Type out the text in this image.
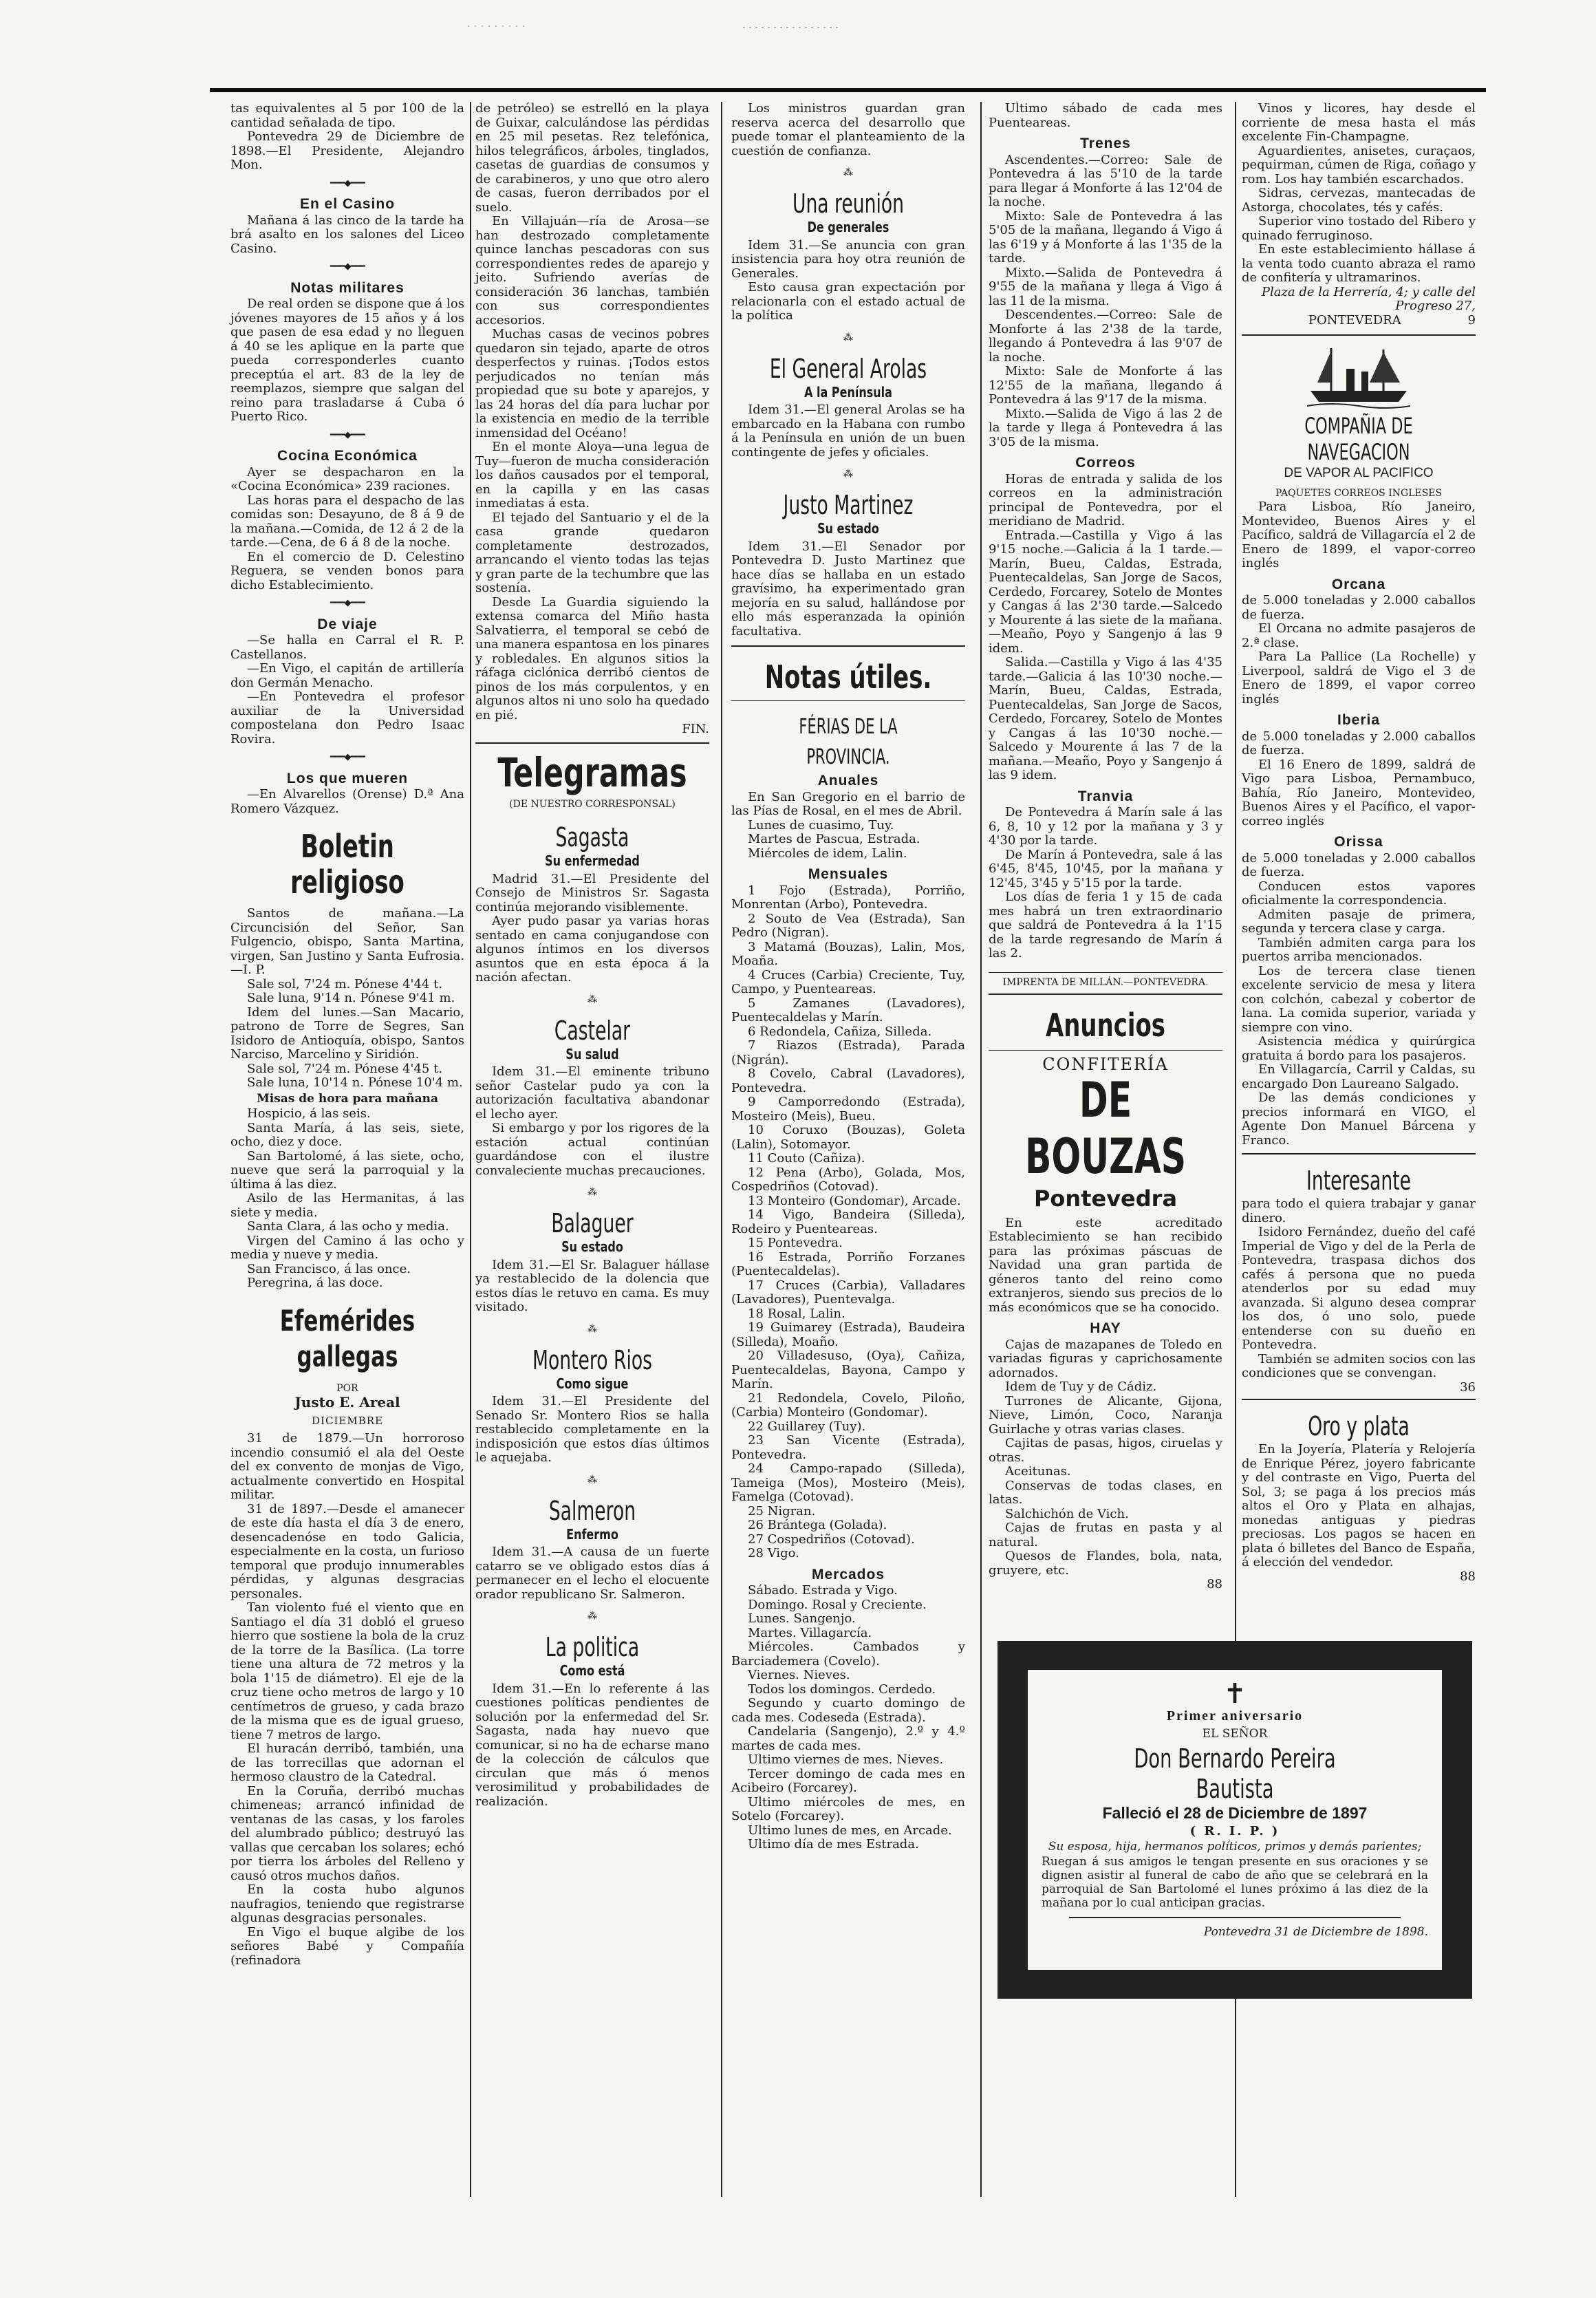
tas equivalentes al 5 por 100 de la cantidad señalada de tipo.

Pontevedra 29 de Diciembre de 1898.—El Presidente, Alejandro Mon.

━━━◆━━━
En el Casino

Mañana á las cinco de la tarde ha brá asalto en los salones del Liceo Casino.

━━━◆━━━
Notas militares

De real orden se dispone que á los jóvenes mayores de 15 años y á los que pasen de esa edad y no lleguen á 40 se les aplique en la parte que pueda corresponderles cuanto preceptúa el art. 83 de la ley de reemplazos, siempre que salgan del reino para trasladarse á Cuba ó Puerto Rico.

━━━◆━━━
Cocina Económica

Ayer se despacharon en la «Cocina Económica» 239 raciones.

Las horas para el despacho de las comidas son: Desayuno, de 8 á 9 de la mañana.—Comida, de 12 á 2 de la tarde.—Cena, de 6 á 8 de la noche.

En el comercio de D. Celestino Reguera, se venden bonos para dicho Establecimiento.

━━━◆━━━
De viaje

—Se halla en Carral el R. P. Castellanos.

—En Vigo, el capitán de artillería don Germán Menacho.

—En Pontevedra el profesor auxiliar de la Universidad compostelana don Pedro Isaac Rovira.

━━━◆━━━
Los que mueren

—En Alvarellos (Orense) D.ª Ana Romero Vázquez.

Boletin religioso

Santos de mañana.—La Circuncisión del Señor, San Fulgencio, obispo, Santa Martina, virgen, San Justino y Santa Eufrosia.—I. P.

Sale sol, 7'24 m. Pónese 4'44 t.

Sale luna, 9'14 n. Pónese 9'41 m.

Idem del lunes.—San Macario, patrono de Torre de Segres, San Isidoro de Antioquía, obispo, Santos Narciso, Marcelino y Siridión.

Sale sol, 7'24 m. Pónese 4'45 t.

Sale luna, 10'14 n. Pónese 10'4 m.

Misas de hora para mañana

Hospicio, á las seis.

Santa María, á las seis, siete, ocho, diez y doce.

San Bartolomé, á las siete, ocho, nueve que será la parroquial y la última á las diez.

Asilo de las Hermanitas, á las siete y media.

Santa Clara, á las ocho y media.

Virgen del Camino á las ocho y media y nueve y media.

San Francisco, á las once.

Peregrina, á las doce.

Efemérides gallegas
POR
Justo E. Areal
DICIEMBRE

31 de 1879.—Un horroroso incendio consumió el ala del Oeste del ex convento de monjas de Vigo, actualmente convertido en Hospital militar.

31 de 1897.—Desde el amanecer de este día hasta el día 3 de enero, desencadenóse en todo Galicia, especialmente en la costa, un furioso temporal que produjo innumerables pérdidas, y algunas desgracias personales.

Tan violento fué el viento que en Santiago el día 31 dobló el grueso hierro que sostiene la bola de la cruz de la torre de la Basílica. (La torre tiene una altura de 72 metros y la bola 1'15 de diámetro). El eje de la cruz tiene ocho metros de largo y 10 centímetros de grueso, y cada brazo de la misma que es de igual grueso, tiene 7 metros de largo.

El huracán derribó, también, una de las torrecillas que adornan el hermoso claustro de la Catedral.

En la Coruña, derribó muchas chimeneas; arrancó infinidad de ventanas de las casas, y los faroles del alumbrado público; destruyó las vallas que cercaban los solares; echó por tierra los árboles del Relleno y causó otros muchos daños.

En la costa hubo algunos naufragios, teniendo que registrarse algunas desgracias personales.

En Vigo el buque algibe de los señores Babé y Compañía (refinadora

de petróleo) se estrelló en la playa de Guixar, calculándose las pérdidas en 25 mil pesetas. Rez telefónica, hilos telegráficos, árboles, tinglados, casetas de guardias de consumos y de carabineros, y uno que otro alero de casas, fueron derribados por el suelo.

En Villajuán—ría de Arosa—se han destrozado completamente quince lanchas pescadoras con sus correspondientes redes de aparejo y jeito. Sufriendo averías de consideración 36 lanchas, también con sus correspondientes accesorios.

Muchas casas de vecinos pobres quedaron sin tejado, aparte de otros desperfectos y ruinas. ¡Todos estos perjudicados no tenían más propiedad que su bote y aparejos, y las 24 horas del día para luchar por la existencia en medio de la terrible inmensidad del Océano!

En el monte Aloya—una legua de Tuy—fueron de mucha consideración los daños causados por el temporal, en la capilla y en las casas inmediatas á esta.

El tejado del Santuario y el de la casa grande quedaron completamente destrozados, arrancando el viento todas las tejas y gran parte de la techumbre que las sostenía.

Desde La Guardia siguiendo la extensa comarca del Miño hasta Salvatierra, el temporal se cebó de una manera espantosa en los pinares y robledales. En algunos sitios la ráfaga ciclónica derribó cientos de pinos de los más corpulentos, y en algunos altos ni uno solo ha quedado en pié.

FIN.
Telegramas
(DE NUESTRO CORRESPONSAL)
Sagasta
Su enfermedad

Madrid 31.—El Presidente del Consejo de Ministros Sr. Sagasta continúa mejorando visiblemente.

Ayer pudo pasar ya varias horas sentado en cama conjugandose con algunos íntimos en los diversos asuntos que en esta época á la nación afectan.

⁂
Castelar
Su salud

Idem 31.—El eminente tribuno señor Castelar pudo ya con la autorización facultativa abandonar el lecho ayer.

Si embargo y por los rigores de la estación actual continúan guardándose con el ilustre convaleciente muchas precauciones.

⁂
Balaguer
Su estado

Idem 31.—El Sr. Balaguer hállase ya restablecido de la dolencia que estos días le retuvo en cama. Es muy visitado.

⁂
Montero Rios
Como sigue

Idem 31.—El Presidente del Senado Sr. Montero Rios se halla restablecido completamente en la indisposición que estos días últimos le aquejaba.

⁂
Salmeron
Enfermo

Idem 31.—A causa de un fuerte catarro se ve obligado estos días á permanecer en el lecho el elocuente orador republicano Sr. Salmeron.

⁂
La politica
Como está

Idem 31.—En lo referente á las cuestiones políticas pendientes de solución por la enfermedad del Sr. Sagasta, nada hay nuevo que comunicar, si no ha de echarse mano de la colección de cálculos que circulan que más ó menos verosimilitud y probabilidades de realización.

Los ministros guardan gran reserva acerca del desarrollo que puede tomar el planteamiento de la cuestión de confianza.

⁂
Una reunión
De generales

Idem 31.—Se anuncia con gran insistencia para hoy otra reunión de Generales.

Esto causa gran expectación por relacionarla con el estado actual de la política

⁂
El General Arolas
A la Península

Idem 31.—El general Arolas se ha embarcado en la Habana con rumbo á la Península en unión de un buen contingente de jefes y oficiales.

⁂
Justo Martinez
Su estado

Idem 31.—El Senador por Pontevedra D. Justo Martinez que hace días se hallaba en un estado gravísimo, ha experimentado gran mejoría en su salud, hallándose por ello más esperanzada la opinión facultativa.

Notas útiles.
FÉRIAS DE LA PROVINCIA.
Anuales

En San Gregorio en el barrio de las Pías de Rosal, en el mes de Abril.

Lunes de cuasimo, Tuy.

Martes de Pascua, Estrada.

Miércoles de idem, Lalin.

Mensuales

1 Fojo (Estrada), Porriño, Monrentan (Arbo), Pontevedra.

2 Souto de Vea (Estrada), San Pedro (Nigran).

3 Matamá (Bouzas), Lalin, Mos, Moaña.

4 Cruces (Carbia) Creciente, Tuy, Campo, y Puenteareas.

5 Zamanes (Lavadores), Puentecaldelas y Marín.

6 Redondela, Cañiza, Silleda.

7 Riazos (Estrada), Parada (Nigrán).

8 Covelo, Cabral (Lavadores), Pontevedra.

9 Camporredondo (Estrada), Mosteiro (Meis), Bueu.

10 Coruxo (Bouzas), Goleta (Lalin), Sotomayor.

11 Couto (Cañiza).

12 Pena (Arbo), Golada, Mos, Cospedriños (Cotovad).

13 Monteiro (Gondomar), Arcade.

14 Vigo, Bandeira (Silleda), Rodeiro y Puenteareas.

15 Pontevedra.

16 Estrada, Porriño Forzanes (Puentecaldelas).

17 Cruces (Carbia), Valladares (Lavadores), Puentevalga.

18 Rosal, Lalin.

19 Guimarey (Estrada), Baudeira (Silleda), Moaño.

20 Villadesuso, (Oya), Cañiza, Puentecaldelas, Bayona, Campo y Marín.

21 Redondela, Covelo, Piloño, (Carbia) Monteiro (Gondomar).

22 Guillarey (Tuy).

23 San Vicente (Estrada), Pontevedra.

24 Campo-rapado (Silleda), Tameiga (Mos), Mosteiro (Meis), Famelga (Cotovad).

25 Nigran.

26 Brántega (Golada).

27 Cospedriños (Cotovad).

28 Vigo.

Mercados

Sábado. Estrada y Vigo.

Domingo. Rosal y Creciente.

Lunes. Sangenjo.

Martes. Villagarcía.

Miércoles. Cambados y Barciademera (Covelo).

Viernes. Nieves.

Todos los domingos. Cerdedo.

Segundo y cuarto domingo de cada mes. Codeseda (Estrada).

Candelaria (Sangenjo), 2.º y 4.º martes de cada mes.

Ultimo viernes de mes. Nieves.

Tercer domingo de cada mes en Acibeiro (Forcarey).

Ultimo miércoles de mes, en Sotelo (Forcarey).

Ultimo lunes de mes, en Arcade.

Ultimo día de mes Estrada.

Ultimo sábado de cada mes Puenteareas.

Trenes

Ascendentes.—Correo: Sale de Pontevedra á las 5'10 de la tarde para llegar á Monforte á las 12'04 de la noche.

Mixto: Sale de Pontevedra á las 5'05 de la mañana, llegando á Vigo á las 6'19 y á Monforte á las 1'35 de la tarde.

Mixto.—Salida de Pontevedra á 9'55 de la mañana y llega á Vigo á las 11 de la misma.

Descendentes.—Correo: Sale de Monforte á las 2'38 de la tarde, llegando á Pontevedra á las 9'07 de la noche.

Mixto: Sale de Monforte á las 12'55 de la mañana, llegando á Pontevedra á las 9'17 de la misma.

Mixto.—Salida de Vigo á las 2 de la tarde y llega á Pontevedra á las 3'05 de la misma.

Correos

Horas de entrada y salida de los correos en la administración principal de Pontevedra, por el meridiano de Madrid.

Entrada.—Castilla y Vigo á las 9'15 noche.—Galicia á la 1 tarde.—Marín, Bueu, Caldas, Estrada, Puentecaldelas, San Jorge de Sacos, Cerdedo, Forcarey, Sotelo de Montes y Cangas á las 2'30 tarde.—Salcedo y Mourente á las siete de la mañana.—Meaño, Poyo y Sangenjo á las 9 idem.

Salida.—Castilla y Vigo á las 4'35 tarde.—Galicia á las 10'30 noche.—Marín, Bueu, Caldas, Estrada, Puentecaldelas, San Jorge de Sacos, Cerdedo, Forcarey, Sotelo de Montes y Cangas á las 10'30 noche.—Salcedo y Mourente á las 7 de la mañana.—Meaño, Poyo y Sangenjo á las 9 idem.

Tranvia

De Pontevedra á Marín sale á las 6, 8, 10 y 12 por la mañana y 3 y 4'30 por la tarde.

De Marín á Pontevedra, sale á las 6'45, 8'45, 10'45, por la mañana y 12'45, 3'45 y 5'15 por la tarde.

Los días de feria 1 y 15 de cada mes habrá un tren extraordinario que saldrá de Pontevedra á la 1'15 de la tarde regresando de Marín á las 2.

IMPRENTA DE MILLÁN.—PONTEVEDRA.
Anuncios
CONFITERÍA
DE BOUZAS
Pontevedra

En este acreditado Establecimiento se han recibido para las próximas páscuas de Navidad una gran partida de géneros tanto del reino como extranjeros, siendo sus precios de lo más económicos que se ha conocido.

HAY

Cajas de mazapanes de Toledo en variadas figuras y caprichosamente adornados.

Idem de Tuy y de Cádiz.

Turrones de Alicante, Gijona, Nieve, Limón, Coco, Naranja Guirlache y otras varias clases.

Cajitas de pasas, higos, ciruelas y otras.

Aceitunas.

Conservas de todas clases, en latas.

Salchichón de Vich.

Cajas de frutas en pasta y al natural.

Quesos de Flandes, bola, nata, gruyere, etc.

88

Vinos y licores, hay desde el corriente de mesa hasta el más excelente Fin-Champagne.

Aguardientes, anisetes, curaçaos, pequirman, cúmen de Riga, coñago y rom. Los hay también escarchados.

Sidras, cervezas, mantecadas de Astorga, chocolates, tés y cafés.

Superior vino tostado del Ribero y quinado ferruginoso.

En este establecimiento hállase á la venta todo cuanto abraza el ramo de confitería y ultramarinos.

Plaza de la Herrería, 4; y calle del Progreso 27,
PONTEVEDRA	9
COMPAÑIA DE NAVEGACION
DE VAPOR AL PACIFICO
PAQUETES CORREOS INGLESES

Para Lisboa, Río Janeiro, Montevideo, Buenos Aires y el Pacífico, saldrá de Villagarcía el 2 de Enero de 1899, el vapor-correo inglés

Orcana

de 5.000 toneladas y 2.000 caballos de fuerza.

El Orcana no admite pasajeros de 2.ª clase.

Para La Pallice (La Rochelle) y Liverpool, saldrá de Vigo el 3 de Enero de 1899, el vapor correo inglés

Iberia

de 5.000 toneladas y 2.000 caballos de fuerza.

El 16 Enero de 1899, saldrá de Vigo para Lisboa, Pernambuco, Bahía, Río Janeiro, Montevideo, Buenos Aires y el Pacífico, el vapor-correo inglés

Orissa

de 5.000 toneladas y 2.000 caballos de fuerza.

Conducen estos vapores oficialmente la correspondencia.

Admiten pasaje de primera, segunda y tercera clase y carga.

También admiten carga para los puertos arriba mencionados.

Los de tercera clase tienen excelente servicio de mesa y litera con colchón, cabezal y cobertor de lana. La comida superior, variada y siempre con vino.

Asistencia médica y quirúrgica gratuita á bordo para los pasajeros.

En Villagarcía, Carril y Caldas, su encargado Don Laureano Salgado.

De las demás condiciones y precios informará en VIGO, el Agente Don Manuel Bárcena y Franco.

Interesante

para todo el quiera trabajar y ganar dinero.

Isidoro Fernández, dueño del café Imperial de Vigo y del de la Perla de Pontevedra, traspasa dichos dos cafés á persona que no pueda atenderlos por su edad muy avanzada. Si alguno desea comprar los dos, ó uno solo, puede entenderse con su dueño en Pontevedra.

También se admiten socios con las condiciones que se convengan.

36
Oro y plata

En la Joyería, Platería y Relojería de Enrique Pérez, joyero fabricante y del contraste en Vigo, Puerta del Sol, 3; se paga á los precios más altos el Oro y Plata en alhajas, monedas antiguas y piedras preciosas. Los pagos se hacen en plata ó billetes del Banco de España, á elección del vendedor.

88
✝
Primer aniversario
EL SEÑOR
Don Bernardo Pereira Bautista
Falleció el 28 de Diciembre de 1897
( R. I. P. )
Su esposa, hija, hermanos políticos, primos y demás parientes;
Ruegan á sus amigos le tengan presente en sus oraciones y se dignen asistir al funeral de cabo de año que se celebrará en la parroquial de San Bartolomé el lunes próximo á las diez de la mañana por lo cual anticipan gracias.
Pontevedra 31 de Diciembre de 1898.
